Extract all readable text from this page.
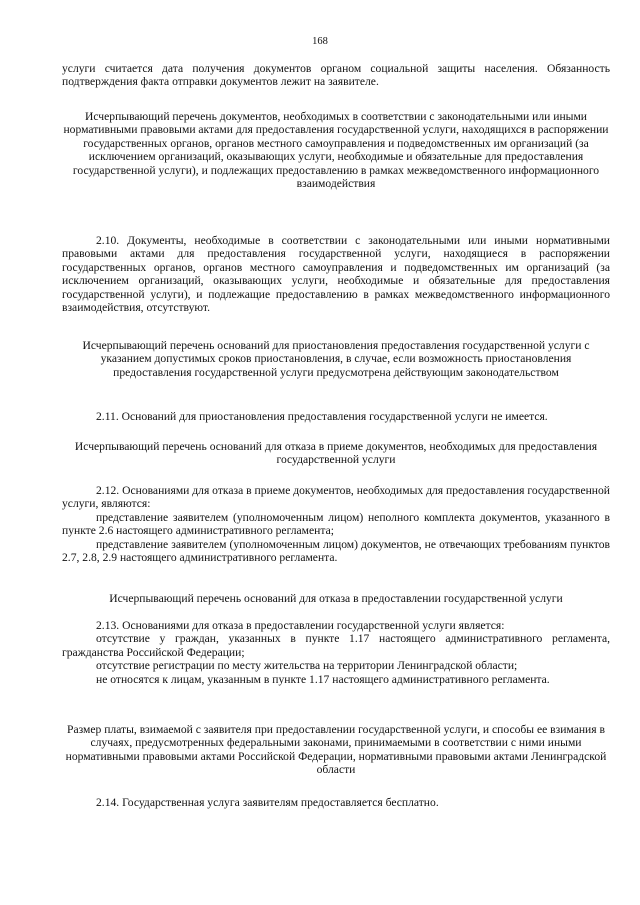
168

услуги считается дата получения документов органом социальной защиты населения. Обязанность подтверждения факта отправки документов лежит на заявителе.

Исчерпывающий перечень документов, необходимых в соответствии с законодательными или иными нормативными правовыми актами для предоставления государственной услуги, находящихся в распоряжении государственных органов, органов местного самоуправления и подведомственных им организаций (за исключением организаций, оказывающих услуги, необходимые и обязательные для предоставления государственной услуги), и подлежащих предоставлению в рамках межведомственного информационного взаимодействия

2.10. Документы, необходимые в соответствии с законодательными или иными нормативными правовыми актами для предоставления государственной услуги, находящиеся в распоряжении государственных органов, органов местного самоуправления и подведомственных им организаций (за исключением организаций, оказывающих услуги, необходимые и обязательные для предоставления государственной услуги), и подлежащие предоставлению в рамках межведомственного информационного взаимодействия, отсутствуют.

Исчерпывающий перечень оснований для приостановления предоставления государственной услуги с указанием допустимых сроков приостановления, в случае, если возможность приостановления предоставления государственной услуги предусмотрена действующим законодательством

2.11. Оснований для приостановления предоставления государственной услуги не имеется.

Исчерпывающий перечень оснований для отказа в приеме документов, необходимых для предоставления государственной услуги

2.12. Основаниями для отказа в приеме документов, необходимых для предоставления государственной услуги, являются:

представление заявителем (уполномоченным лицом) неполного комплекта документов, указанного в пункте 2.6 настоящего административного регламента;

представление заявителем (уполномоченным лицом) документов, не отвечающих требованиям пунктов 2.7, 2.8, 2.9 настоящего административного регламента.

Исчерпывающий перечень оснований для отказа в предоставлении государственной услуги

2.13. Основаниями для отказа в предоставлении государственной услуги является:

отсутствие у граждан, указанных в пункте 1.17 настоящего административного регламента, гражданства Российской Федерации;

отсутствие регистрации по месту жительства на территории Ленинградской области;

не относятся к лицам, указанным в пункте 1.17 настоящего административного регламента.

Размер платы, взимаемой с заявителя при предоставлении государственной услуги, и способы ее взимания в случаях, предусмотренных федеральными законами, принимаемыми в соответствии с ними иными нормативными правовыми актами Российской Федерации, нормативными правовыми актами Ленинградской области

2.14. Государственная услуга заявителям предоставляется бесплатно.
